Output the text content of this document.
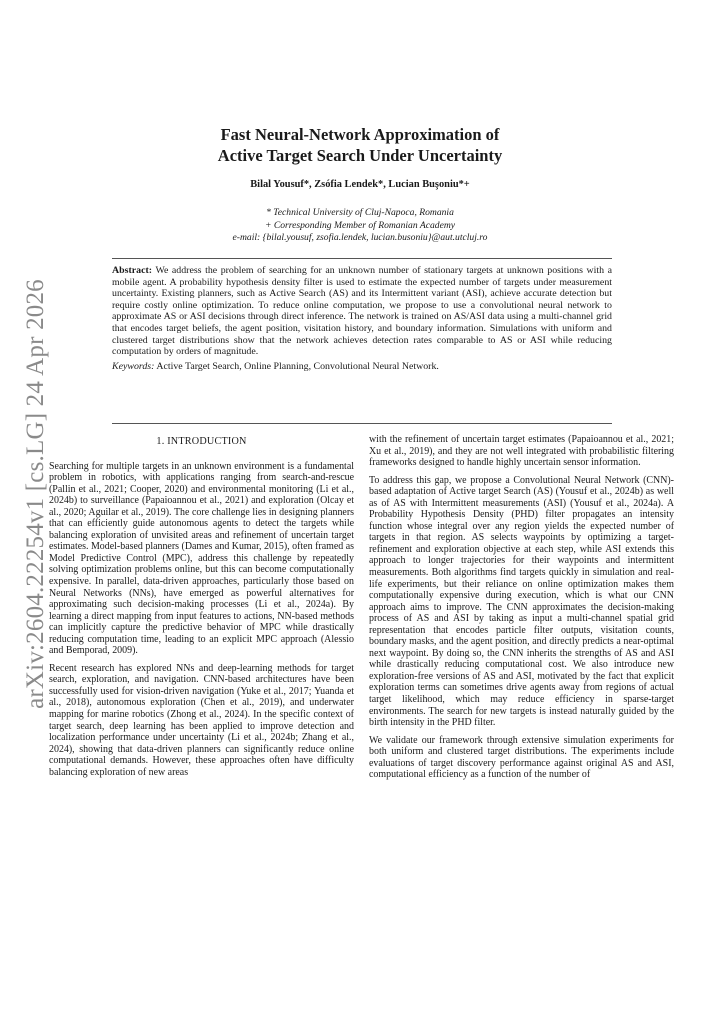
arXiv:2604.22254v1 [cs.LG] 24 Apr 2026
Fast Neural-Network Approximation of
Active Target Search Under Uncertainty
Bilal Yousuf*, Zsófia Lendek*, Lucian Buşoniu*+
* Technical University of Cluj-Napoca, Romania
+ Corresponding Member of Romanian Academy
e-mail: {bilal.yousuf, zsofia.lendek, lucian.busoniu}@aut.utcluj.ro
Abstract: We address the problem of searching for an unknown number of stationary targets at unknown positions with a mobile agent. A probability hypothesis density filter is used to estimate the expected number of targets under measurement uncertainty. Existing planners, such as Active Search (AS) and its Intermittent variant (ASI), achieve accurate detection but require costly online optimization. To reduce online computation, we propose to use a convolutional neural network to approximate AS or ASI decisions through direct inference. The network is trained on AS/ASI data using a multi-channel grid that encodes target beliefs, the agent position, visitation history, and boundary information. Simulations with uniform and clustered target distributions show that the network achieves detection rates comparable to AS or ASI while reducing computation by orders of magnitude.
Keywords: Active Target Search, Online Planning, Convolutional Neural Network.
1. INTRODUCTION

Searching for multiple targets in an unknown environment is a fundamental problem in robotics, with applications ranging from search-and-rescue (Pallin et al., 2021; Cooper, 2020) and environmental monitoring (Li et al., 2024b) to surveillance (Papaioannou et al., 2021) and exploration (Olcay et al., 2020; Aguilar et al., 2019). The core challenge lies in designing planners that can efficiently guide autonomous agents to detect the targets while balancing exploration of unvisited areas and refinement of uncertain target estimates. Model-based planners (Dames and Kumar, 2015), often framed as Model Predictive Control (MPC), address this challenge by repeatedly solving optimization problems online, but this can become computationally expensive. In parallel, data-driven approaches, particularly those based on Neural Networks (NNs), have emerged as powerful alternatives for approximating such decision-making processes (Li et al., 2024a). By learning a direct mapping from input features to actions, NN-based methods can implicitly capture the predictive behavior of MPC while drastically reducing computation time, leading to an explicit MPC approach (Alessio and Bemporad, 2009).

Recent research has explored NNs and deep-learning methods for target search, exploration, and navigation. CNN-based architectures have been successfully used for vision-driven navigation (Yuke et al., 2017; Yuanda et al., 2018), autonomous exploration (Chen et al., 2019), and underwater mapping for marine robotics (Zhong et al., 2024). In the specific context of target search, deep learning has been applied to improve detection and localization performance under uncertainty (Li et al., 2024b; Zhang et al., 2024), showing that data-driven planners can significantly reduce online computational demands. However, these approaches often have difficulty balancing exploration of new areas

with the refinement of uncertain target estimates (Papaioannou et al., 2021; Xu et al., 2019), and they are not well integrated with probabilistic filtering frameworks designed to handle highly uncertain sensor information.

To address this gap, we propose a Convolutional Neural Network (CNN)-based adaptation of Active target Search (AS) (Yousuf et al., 2024b) as well as of AS with Intermittent measurements (ASI) (Yousuf et al., 2024a). A Probability Hypothesis Density (PHD) filter propagates an intensity function whose integral over any region yields the expected number of targets in that region. AS selects waypoints by optimizing a target-refinement and exploration objective at each step, while ASI extends this approach to longer trajectories for their waypoints and intermittent measurements. Both algorithms find targets quickly in simulation and real-life experiments, but their reliance on online optimization makes them computationally expensive during execution, which is what our CNN approach aims to improve. The CNN approximates the decision-making process of AS and ASI by taking as input a multi-channel spatial grid representation that encodes particle filter outputs, visitation counts, boundary masks, and the agent position, and directly predicts a near-optimal next waypoint. By doing so, the CNN inherits the strengths of AS and ASI while drastically reducing computational cost. We also introduce new exploration-free versions of AS and ASI, motivated by the fact that explicit exploration terms can sometimes drive agents away from regions of actual target likelihood, which may reduce efficiency in sparse-target environments. The search for new targets is instead naturally guided by the birth intensity in the PHD filter.

We validate our framework through extensive simulation experiments for both uniform and clustered target distributions. The experiments include evaluations of target discovery performance against original AS and ASI, computational efficiency as a function of the number of
